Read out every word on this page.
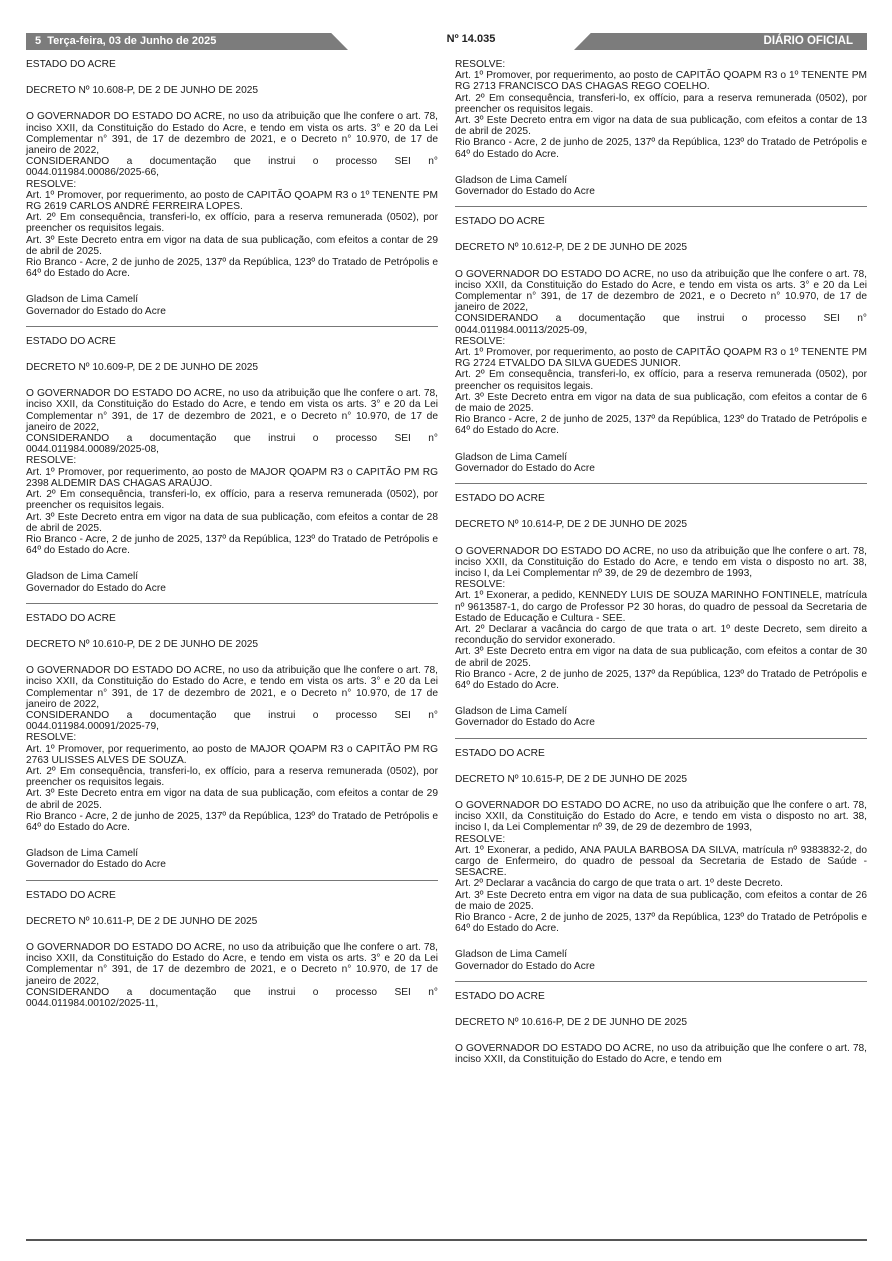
5 Terça-feira, 03 de Junho de 2025	Nº 14.035	DIÁRIO OFICIAL

ESTADO DO ACRE

DECRETO Nº 10.608-P, DE 2 DE JUNHO DE 2025

O GOVERNADOR DO ESTADO DO ACRE, no uso da atribuição que lhe confere o art. 78, inciso XXII, da Constituição do Estado do Acre, e tendo em vista os arts. 3° e 20 da Lei Complementar n° 391, de 17 de dezembro de 2021, e o Decreto n° 10.970, de 17 de janeiro de 2022,

CONSIDERANDO a documentação que instrui o processo SEI n° 0044.011984.00086/2025-66,

RESOLVE:

Art. 1º Promover, por requerimento, ao posto de CAPITÃO QOAPM R3 o 1º TENENTE PM RG 2619 CARLOS ANDRÉ FERREIRA LOPES.

Art. 2º Em consequência, transferi-lo, ex offício, para a reserva remunerada (0502), por preencher os requisitos legais.

Art. 3º Este Decreto entra em vigor na data de sua publicação, com efeitos a contar de 29 de abril de 2025.

Rio Branco - Acre, 2 de junho de 2025, 137º da República, 123º do Tratado de Petrópolis e 64º do Estado do Acre.

Gladson de Lima Camelí

Governador do Estado do Acre

ESTADO DO ACRE

DECRETO Nº 10.609-P, DE 2 DE JUNHO DE 2025

O GOVERNADOR DO ESTADO DO ACRE, no uso da atribuição que lhe confere o art. 78, inciso XXII, da Constituição do Estado do Acre, e tendo em vista os arts. 3° e 20 da Lei Complementar n° 391, de 17 de dezembro de 2021, e o Decreto n° 10.970, de 17 de janeiro de 2022,

CONSIDERANDO a documentação que instrui o processo SEI n° 0044.011984.00089/2025-08,

RESOLVE:

Art. 1º Promover, por requerimento, ao posto de MAJOR QOAPM R3 o CAPITÃO PM RG 2398 ALDEMIR DAS CHAGAS ARAÚJO.

Art. 2º Em consequência, transferi-lo, ex offício, para a reserva remunerada (0502), por preencher os requisitos legais.

Art. 3º Este Decreto entra em vigor na data de sua publicação, com efeitos a contar de 28 de abril de 2025.

Rio Branco - Acre, 2 de junho de 2025, 137º da República, 123º do Tratado de Petrópolis e 64º do Estado do Acre.

Gladson de Lima Camelí

Governador do Estado do Acre

ESTADO DO ACRE

DECRETO Nº 10.610-P, DE 2 DE JUNHO DE 2025

O GOVERNADOR DO ESTADO DO ACRE, no uso da atribuição que lhe confere o art. 78, inciso XXII, da Constituição do Estado do Acre, e tendo em vista os arts. 3° e 20 da Lei Complementar n° 391, de 17 de dezembro de 2021, e o Decreto n° 10.970, de 17 de janeiro de 2022,

CONSIDERANDO a documentação que instrui o processo SEI n° 0044.011984.00091/2025-79,

RESOLVE:

Art. 1º Promover, por requerimento, ao posto de MAJOR QOAPM R3 o CAPITÃO PM RG 2763 ULISSES ALVES DE SOUZA.

Art. 2º Em consequência, transferi-lo, ex offício, para a reserva remunerada (0502), por preencher os requisitos legais.

Art. 3º Este Decreto entra em vigor na data de sua publicação, com efeitos a contar de 29 de abril de 2025.

Rio Branco - Acre, 2 de junho de 2025, 137º da República, 123º do Tratado de Petrópolis e 64º do Estado do Acre.

Gladson de Lima Camelí

Governador do Estado do Acre

ESTADO DO ACRE

DECRETO Nº 10.611-P, DE 2 DE JUNHO DE 2025

O GOVERNADOR DO ESTADO DO ACRE, no uso da atribuição que lhe confere o art. 78, inciso XXII, da Constituição do Estado do Acre, e tendo em vista os arts. 3° e 20 da Lei Complementar n° 391, de 17 de dezembro de 2021, e o Decreto n° 10.970, de 17 de janeiro de 2022,

CONSIDERANDO a documentação que instrui o processo SEI n° 0044.011984.00102/2025-11,

RESOLVE:

Art. 1º Promover, por requerimento, ao posto de CAPITÃO QOAPM R3 o 1º TENENTE PM RG 2713 FRANCISCO DAS CHAGAS REGO COELHO.

Art. 2º Em consequência, transferi-lo, ex offício, para a reserva remunerada (0502), por preencher os requisitos legais.

Art. 3º Este Decreto entra em vigor na data de sua publicação, com efeitos a contar de 13 de abril de 2025.

Rio Branco - Acre, 2 de junho de 2025, 137º da República, 123º do Tratado de Petrópolis e 64º do Estado do Acre.

Gladson de Lima Camelí

Governador do Estado do Acre

ESTADO DO ACRE

DECRETO Nº 10.612-P, DE 2 DE JUNHO DE 2025

O GOVERNADOR DO ESTADO DO ACRE, no uso da atribuição que lhe confere o art. 78, inciso XXII, da Constituição do Estado do Acre, e tendo em vista os arts. 3° e 20 da Lei Complementar n° 391, de 17 de dezembro de 2021, e o Decreto n° 10.970, de 17 de janeiro de 2022,

CONSIDERANDO a documentação que instrui o processo SEI n° 0044.011984.00113/2025-09,

RESOLVE:

Art. 1º Promover, por requerimento, ao posto de CAPITÃO QOAPM R3 o 1º TENENTE PM RG 2724 ETVALDO DA SILVA GUEDES JUNIOR.

Art. 2º Em consequência, transferi-lo, ex offício, para a reserva remunerada (0502), por preencher os requisitos legais.

Art. 3º Este Decreto entra em vigor na data de sua publicação, com efeitos a contar de 6 de maio de 2025.

Rio Branco - Acre, 2 de junho de 2025, 137º da República, 123º do Tratado de Petrópolis e 64º do Estado do Acre.

Gladson de Lima Camelí

Governador do Estado do Acre

ESTADO DO ACRE

DECRETO Nº 10.614-P, DE 2 DE JUNHO DE 2025

O GOVERNADOR DO ESTADO DO ACRE, no uso da atribuição que lhe confere o art. 78, inciso XXII, da Constituição do Estado do Acre, e tendo em vista o disposto no art. 38, inciso I, da Lei Complementar nº 39, de 29 de dezembro de 1993,

RESOLVE:

Art. 1º Exonerar, a pedido, KENNEDY LUIS DE SOUZA MARINHO FONTINELE, matrícula nº 9613587-1, do cargo de Professor P2 30 horas, do quadro de pessoal da Secretaria de Estado de Educação e Cultura - SEE.

Art. 2º Declarar a vacância do cargo de que trata o art. 1º deste Decreto, sem direito a recondução do servidor exonerado.

Art. 3º Este Decreto entra em vigor na data de sua publicação, com efeitos a contar de 30 de abril de 2025.

Rio Branco - Acre, 2 de junho de 2025, 137º da República, 123º do Tratado de Petrópolis e 64º do Estado do Acre.

Gladson de Lima Camelí

Governador do Estado do Acre

ESTADO DO ACRE

DECRETO Nº 10.615-P, DE 2 DE JUNHO DE 2025

O GOVERNADOR DO ESTADO DO ACRE, no uso da atribuição que lhe confere o art. 78, inciso XXII, da Constituição do Estado do Acre, e tendo em vista o disposto no art. 38, inciso I, da Lei Complementar nº 39, de 29 de dezembro de 1993,

RESOLVE:

Art. 1º Exonerar, a pedido, ANA PAULA BARBOSA DA SILVA, matrícula nº 9383832-2, do cargo de Enfermeiro, do quadro de pessoal da Secretaria de Estado de Saúde - SESACRE.

Art. 2º Declarar a vacância do cargo de que trata o art. 1º deste Decreto.

Art. 3º Este Decreto entra em vigor na data de sua publicação, com efeitos a contar de 26 de maio de 2025.

Rio Branco - Acre, 2 de junho de 2025, 137º da República, 123º do Tratado de Petrópolis e 64º do Estado do Acre.

Gladson de Lima Camelí

Governador do Estado do Acre

ESTADO DO ACRE

DECRETO Nº 10.616-P, DE 2 DE JUNHO DE 2025

O GOVERNADOR DO ESTADO DO ACRE, no uso da atribuição que lhe confere o art. 78, inciso XXII, da Constituição do Estado do Acre, e tendo em
